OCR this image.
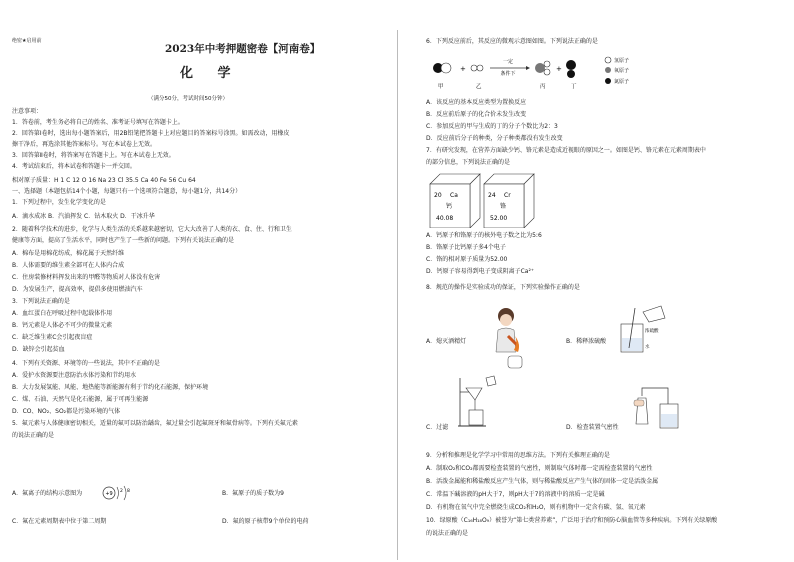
绝密★启用前
2023年中考押题密卷【河南卷】
化 学
（满分50分，考试时间50分钟）
注意事项：
1．答卷前，考生务必将自己的姓名、准考证号填写在答题卡上。
2．回答第Ⅰ卷时，选出每小题答案后，用2B铅笔把答题卡上对应题目的答案标号涂黑。如需改动，用橡皮
擦干净后，再选涂其他答案标号。写在本试卷上无效。
3．回答第Ⅱ卷时，将答案写在答题卡上。写在本试卷上无效。
4．考试结束后，将本试卷和答题卡一并交回。
相对原子质量：H 1 C 12 O 16 Na 23 Cl 35.5 Ca 40 Fe 56 Cu 64
一、选择题（本题包括14个小题，每题只有一个选项符合题意，每小题1分，共14分）
1．下列过程中，发生化学变化的是
A．滴水成冰 B．汽油挥发 C．钻木取火 D．干冰升华
2．随着科学技术的进步，化学与人类生活的关系越来越密切，它大大改善了人类的衣、食、住、行和卫生
健康等方面，提高了生活水平，同时也产生了一些新的问题。下列有关说法正确的是
A．棉布是用棉花纺成，棉花属于天然纤维
B．人体需要的维生素全部可在人体内合成
C．住房装修材料挥发出来的甲醛等物质对人体没有危害
D．为发展生产，提高效率，提倡多使用燃油汽车
3．下列说法正确的是
A．血红蛋白在呼吸过程中起载体作用
B．钙元素是人体必不可少的微量元素
C．缺乏维生素C会引起夜盲症
D．缺锌会引起贫血
4．下列有关资源、环境等的一些说法，其中不正确的是
A．爱护水资源要注意防治水体污染和节约用水
B．大力发展氢能、风能、地热能等新能源有利于节约化石能源，保护环境
C．煤、石油、天然气是化石能源，属于可再生能源
D．CO、NO₂、SO₂都是污染环境的气体
5．氟元素与人体健康密切相关，适量的氟可以防治龋齿，氟过量会引起氟斑牙和氟骨病等。下列有关氟元素
的说法正确的是
A．氟离子的结构示意图为	+9 2 8	B．氟原子的质子数为9
C．氟在元素周期表中位于第二周期	D．氟的原子核带9个单位的电荷
6．下列反应前后，其反应的微观示意图如图。下列说法正确的是
+
一定
条件下
+
甲	乙	丙	丁
氢原子
氧原子
氮原子
A．该反应的基本反应类型为置换反应
B．反应前后原子的化合价未发生改变
C．参加反应的甲与生成的丁的分子个数比为2：3
D．反应前后分子的种类，分子种类都没有发生改变
7．有研究发现，在营养方面缺少钙、铬元素是造成近视眼的原因之一。如图是钙、铬元素在元素周期表中
的部分信息，下列说法正确的是
20 Ca
钙
40.08
24 Cr
铬
52.00
A．钙原子和铬原子的核外电子数之比为5:6
B．铬原子比钙原子多4个电子
C．铬的相对原子质量为52.00
D．钙原子容易得到电子变成阴离子Ca²⁺
8．规范的操作是实验成功的保证，下列实验操作正确的是
A．熄灭酒精灯
浓硫酸
水
B．稀释浓硫酸
C．过滤	D．检查装置气密性
9．分析和推理是化学学习中常用的思维方法。下列有关推理正确的是
A．制取O₂和CO₂都需要检查装置的气密性，则制取气体时都一定需检查装置的气密性
B．活泼金属能和稀盐酸反应产生气体，则与稀盐酸反应产生气体的固体一定是活泼金属
C．常温下碱溶液的pH大于7，则pH大于7的溶液中的溶质一定是碱
D．有机物在氧气中完全燃烧生成CO₂和H₂O，则有机物中一定含有碳、氢、氧元素
10．绿原酸（C₁₆H₁₈O₉）被誉为“第七类营养素”，广泛用于治疗和预防心脑血管等多种疾病。下列有关绿原酸
的说法正确的是
